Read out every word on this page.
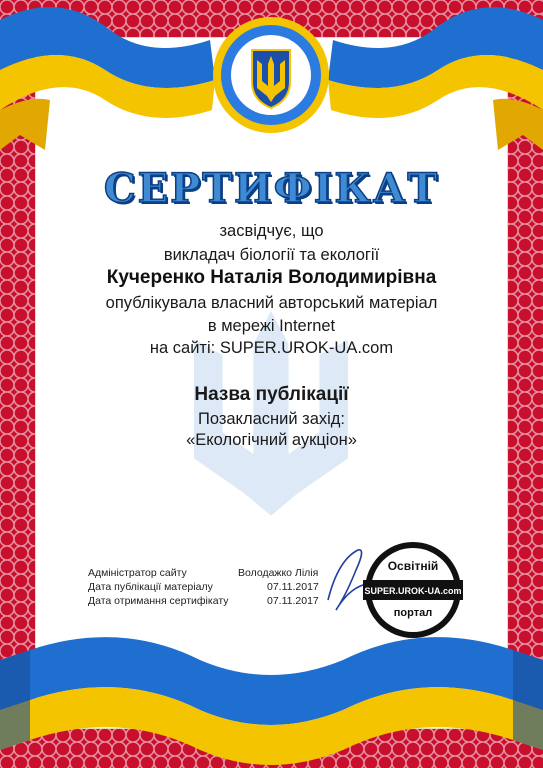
СЕРТИФІКАТ
засвідчує, що
викладач біології та екології
Кучеренко Наталія Володимирівна
опублікувала власний авторський матеріал
в мережі Internet
на сайті: SUPER.UROK-UA.com
Назва публікації
Позакласний захід:
«Екологічний аукціон»
Адміністратор сайту
Дата публікації матеріалу
Дата отримання сертифікату
Володажко Лілія
07.11.2017
07.11.2017
Освітній
SUPER.UROK-UA.com
портал
